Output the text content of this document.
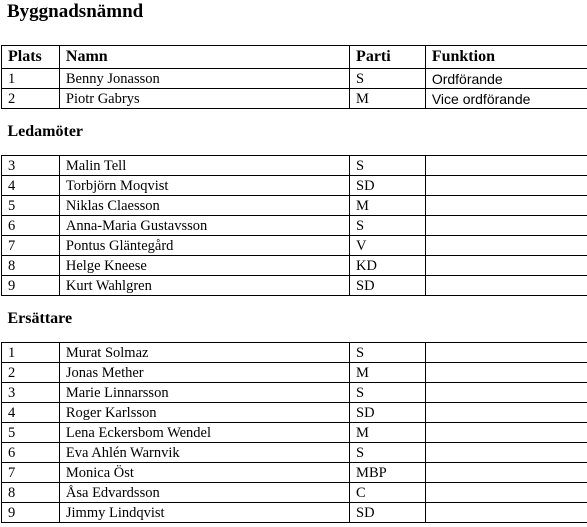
Byggnadsnämnd
Plats	Namn	Parti	Funktion
1	Benny Jonasson	S	Ordförande
2	Piotr Gabrys	M	Vice ordförande
Ledamöter			
3	Malin Tell	S	
4	Torbjörn Moqvist	SD	
5	Niklas Claesson	M	
6	Anna-Maria Gustavsson	S	
7	Pontus Gläntegård	V	
8	Helge Kneese	KD	
9	Kurt Wahlgren	SD	
Ersättare			
1	Murat Solmaz	S	
2	Jonas Mether	M	
3	Marie Linnarsson	S	
4	Roger Karlsson	SD	
5	Lena Eckersbom Wendel	M	
6	Eva Ahlén Warnvik	S	
7	Monica Öst	MBP	
8	Åsa Edvardsson	C	
9	Jimmy Lindqvist	SD	
